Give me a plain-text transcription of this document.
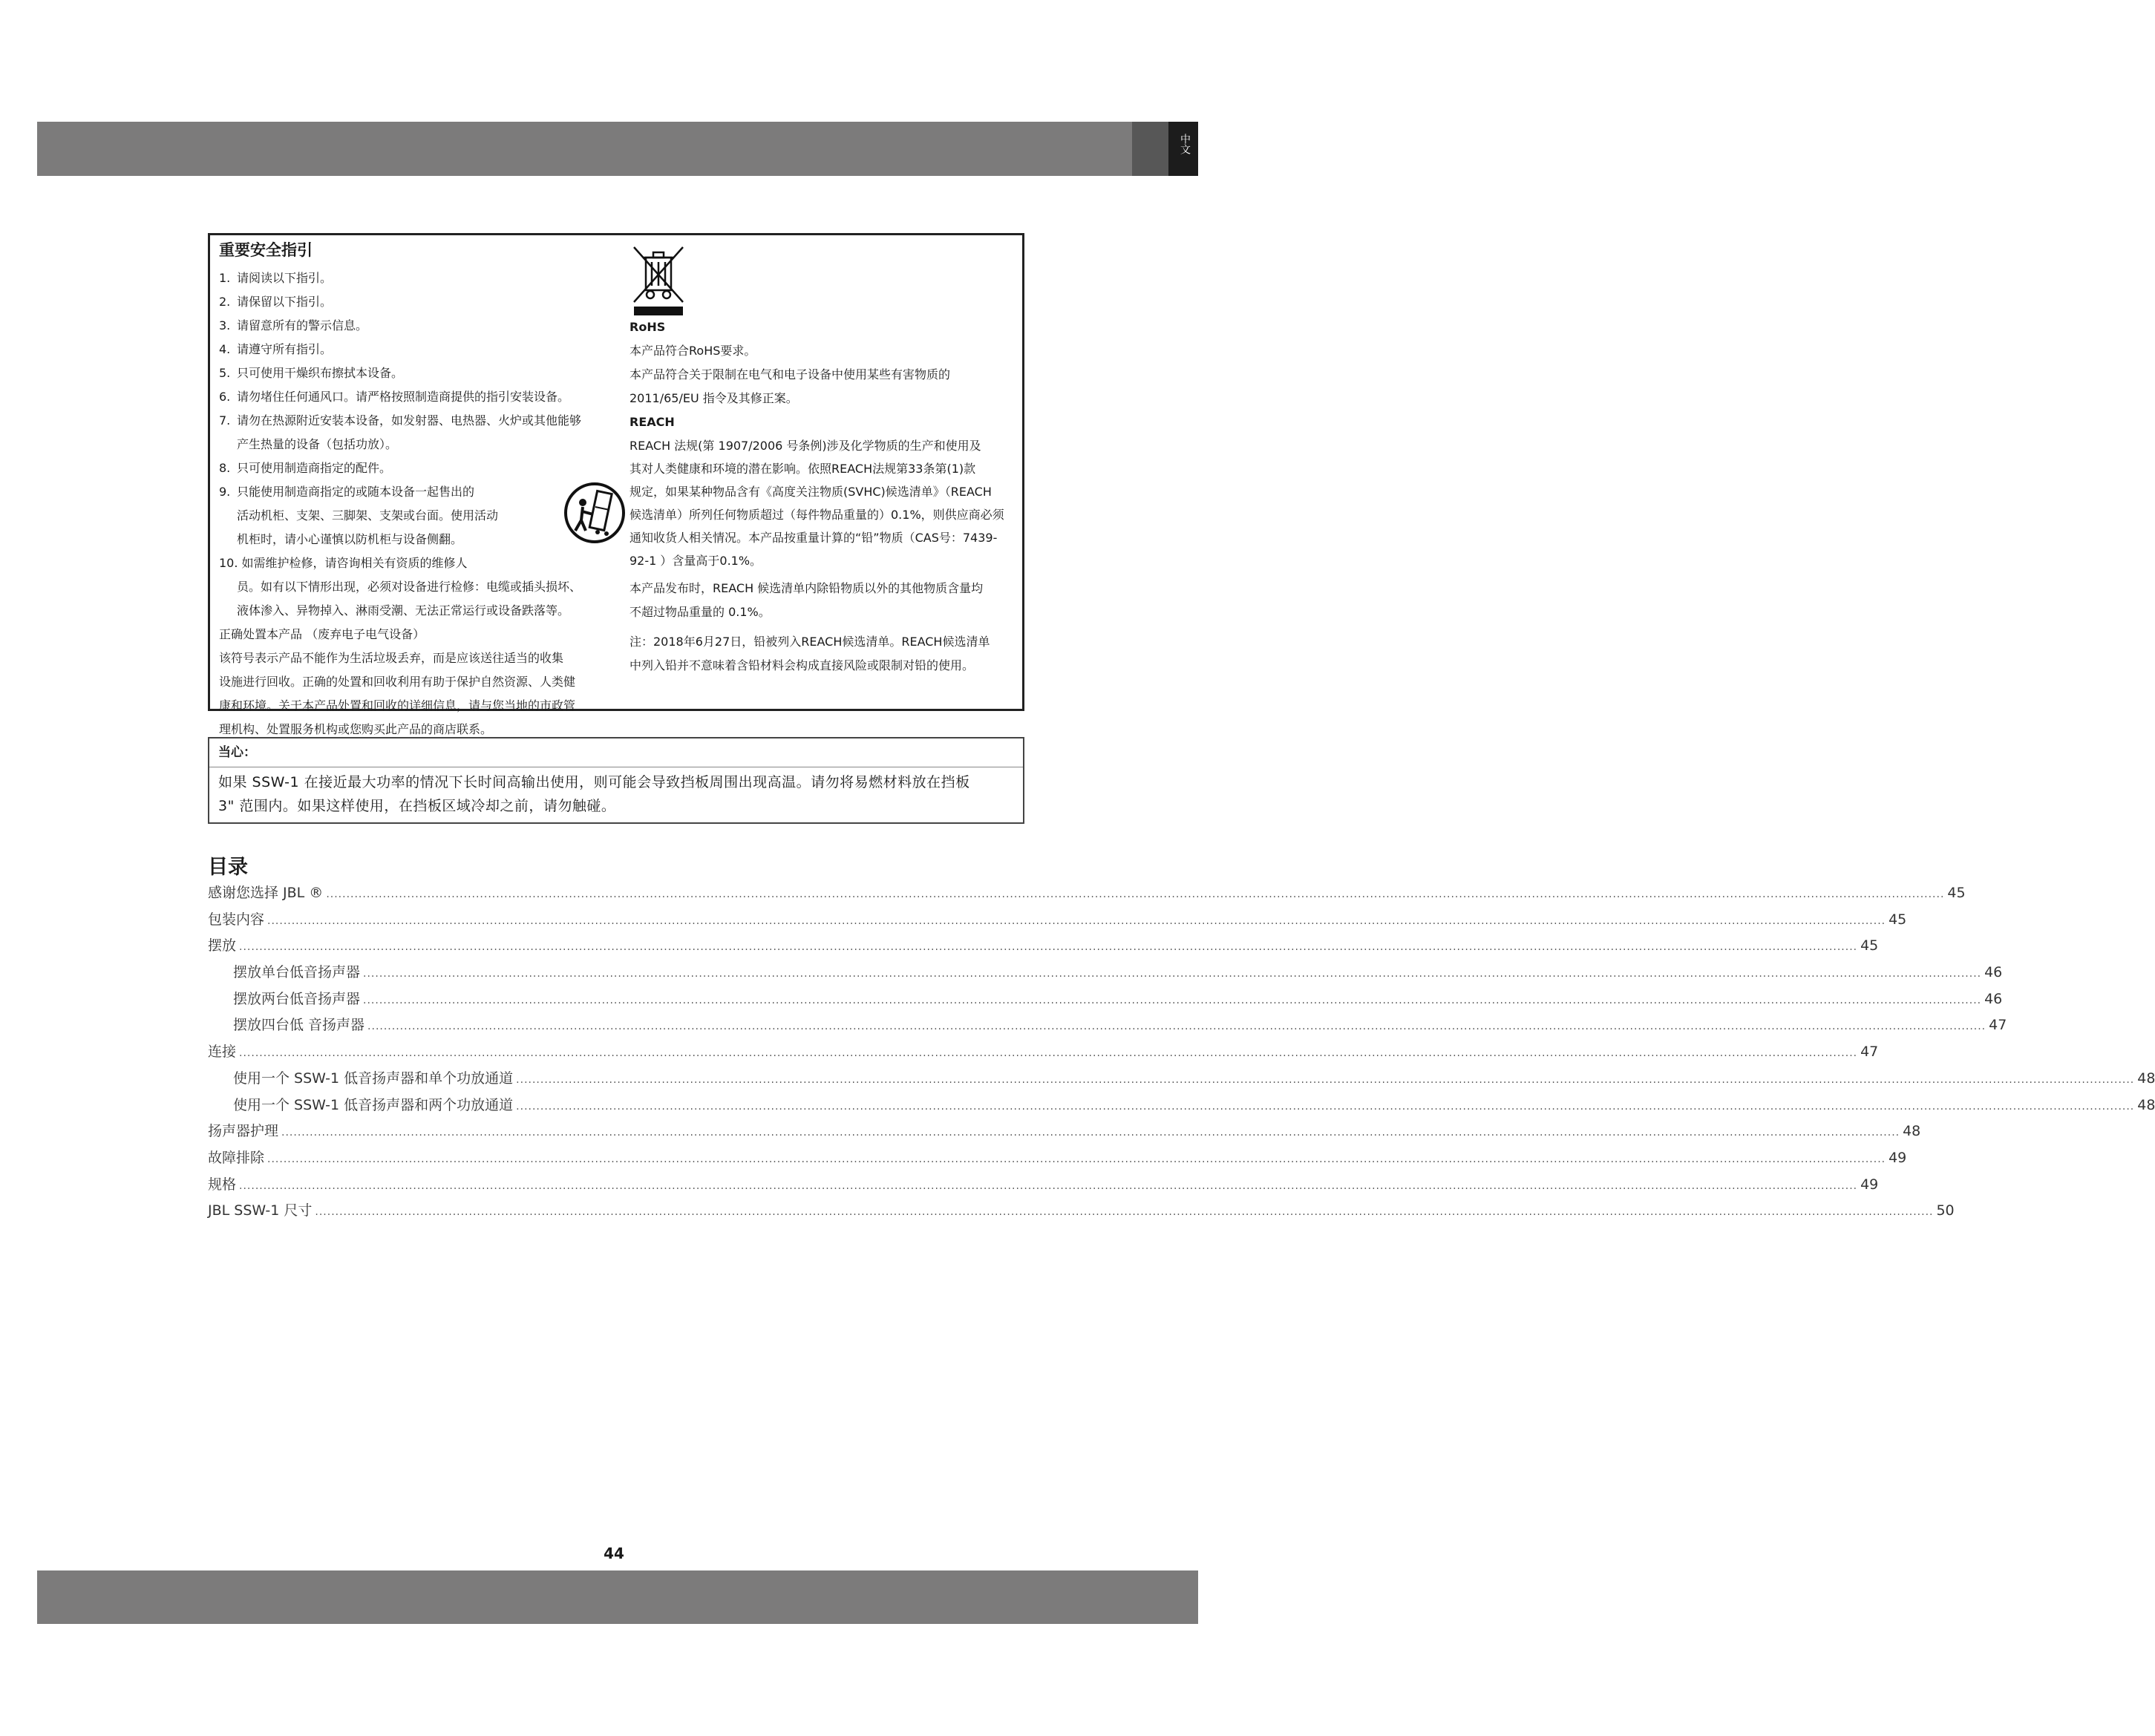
中文
重要安全指引
1. 请阅读以下指引。
2. 请保留以下指引。
3. 请留意所有的警示信息。
4. 请遵守所有指引。
5. 只可使用干燥织布擦拭本设备。
6. 请勿堵住任何通风口。请严格按照制造商提供的指引安装设备。
7. 请勿在热源附近安装本设备，如发射器、电热器、火炉或其他能够
产生热量的设备（包括功放）。
8. 只可使用制造商指定的配件。
9. 只能使用制造商指定的或随本设备一起售出的
活动机柜、支架、三脚架、支架或台面。使用活动
机柜时，请小心谨慎以防机柜与设备侧翻。
10. 如需维护检修，请咨询相关有资质的维修人
员。如有以下情形出现，必须对设备进行检修：电缆或插头损坏、
液体渗入、异物掉入、淋雨受潮、无法正常运行或设备跌落等。

正确处置本产品 （废弃电子电气设备）

该符号表示产品不能作为生活垃圾丢弃，而是应该送往适当的收集

设施进行回收。正确的处置和回收利用有助于保护自然资源、人类健

康和环境。关于本产品处置和回收的详细信息，请与您当地的市政管

理机构、处置服务机构或您购买此产品的商店联系。

RoHS

本产品符合RoHS要求。

本产品符合关于限制在电气和电子设备中使用某些有害物质的

2011/65/EU 指令及其修正案。

REACH

REACH 法规(第 1907/2006 号条例)涉及化学物质的生产和使用及

其对人类健康和环境的潜在影响。依照REACH法规第33条第(1)款

规定，如果某种物品含有《高度关注物质(SVHC)候选清单》（REACH

候选清单）所列任何物质超过（每件物品重量的）0.1%，则供应商必须

通知收货人相关情况。本产品按重量计算的“铅”物质（CAS号：7439-

92-1 ）含量高于0.1%。

本产品发布时，REACH 候选清单内除铅物质以外的其他物质含量均

不超过物品重量的 0.1%。

注：2018年6月27日，铅被列入REACH候选清单。REACH候选清单

中列入铅并不意味着含铅材料会构成直接风险或限制对铅的使用。

当心：
如果 SSW-1 在接近最大功率的情况下长时间高输出使用，则可能会导致挡板周围出现高温。请勿将易燃材料放在挡板
3" 范围内。如果这样使用，在挡板区域冷却之前，请勿触碰。
目录
感谢您选择 JBL ® ................................................................................................................................................................................................................................................................................................................................................................................................................ 45
包装内容 ................................................................................................................................................................................................................................................................................................................................................................................................................ 45
摆放 ................................................................................................................................................................................................................................................................................................................................................................................................................ 45
摆放单台低音扬声器 ................................................................................................................................................................................................................................................................................................................................................................................................................ 46
摆放两台低音扬声器 ................................................................................................................................................................................................................................................................................................................................................................................................................ 46
摆放四台低 音扬声器 ................................................................................................................................................................................................................................................................................................................................................................................................................ 47
连接 ................................................................................................................................................................................................................................................................................................................................................................................................................ 47
使用一个 SSW-1 低音扬声器和单个功放通道 ................................................................................................................................................................................................................................................................................................................................................................................................................ 48
使用一个 SSW-1 低音扬声器和两个功放通道 ................................................................................................................................................................................................................................................................................................................................................................................................................ 48
扬声器护理 ................................................................................................................................................................................................................................................................................................................................................................................................................ 48
故障排除 ................................................................................................................................................................................................................................................................................................................................................................................................................ 49
规格 ................................................................................................................................................................................................................................................................................................................................................................................................................ 49
JBL SSW-1 尺寸 ................................................................................................................................................................................................................................................................................................................................................................................................................ 50
44
